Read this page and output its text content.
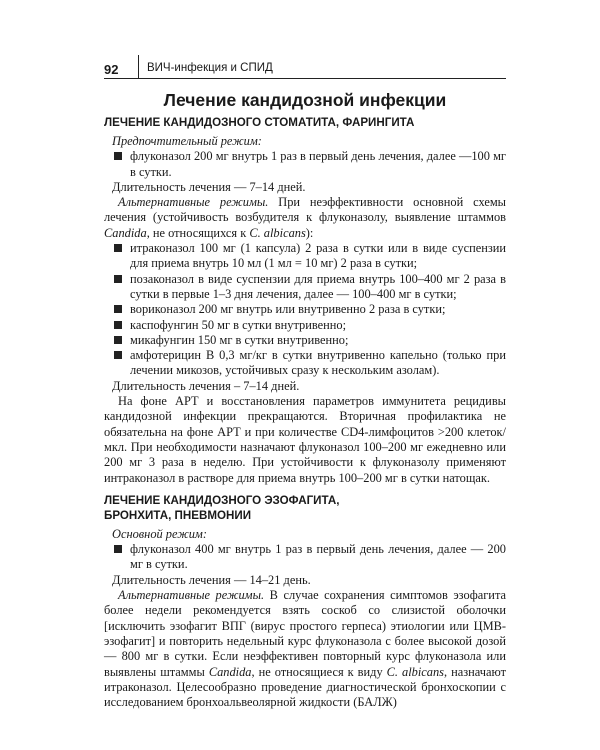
92 ВИЧ-инфекция и СПИД
Лечение кандидозной инфекции
ЛЕЧЕНИЕ КАНДИДОЗНОГО СТОМАТИТА, ФАРИНГИТА

Предпочтительный режим:

флуконазол 200 мг внутрь 1 раз в первый день лечения, далее —100 мг в сутки.

Длительность лечения — 7–14 дней.

Альтернативные режимы. При неэффективности основной схемы лечения (устойчивость возбудителя к флуконазолу, выявление штаммов Candida, не относящихся к C. albicans):

итраконазол 100 мг (1 капсула) 2 раза в сутки или в виде суспензии для приема внутрь 10 мл (1 мл = 10 мг) 2 раза в сутки;
позаконазол в виде суспензии для приема внутрь 100–400 мг 2 раза в сутки в первые 1–3 дня лечения, далее — 100–400 мг в сутки;
вориконазол 200 мг внутрь или внутривенно 2 раза в сутки;
каспофунгин 50 мг в сутки внутривенно;
микафунгин 150 мг в сутки внутривенно;
амфотерицин В 0,3 мг/кг в сутки внутривенно капельно (только при лечении микозов, устойчивых сразу к нескольким азолам).

Длительность лечения – 7–14 дней.

На фоне АРТ и восстановления параметров иммунитета рецидивы кандидозной инфекции прекращаются. Вторичная профилактика не обязательна на фоне АРТ и при количестве CD4-лимфоцитов >200 клеток/мкл. При необходимости назначают флуконазол 100–200 мг ежедневно или 200 мг 3 раза в неделю. При устойчивости к флуконазолу применяют интраконазол в растворе для приема внутрь 100–200 мг в сутки натощак.

ЛЕЧЕНИЕ КАНДИДОЗНОГО ЭЗОФАГИТА,
БРОНХИТА, ПНЕВМОНИИ

Основной режим:

флуконазол 400 мг внутрь 1 раз в первый день лечения, далее — 200 мг в сутки.

Длительность лечения — 14–21 день.

Альтернативные режимы. В случае сохранения симптомов эзофагита более недели рекомендуется взять соскоб со слизистой оболочки [исключить эзофагит ВПГ (вирус простого герпеса) этиологии или ЦМВ-эзофагит] и повторить недельный курс флуконазола с более высокой дозой — 800 мг в сутки. Если неэффективен повторный курс флуконазола или выявлены штаммы Candida, не относящиеся к виду C. albicans, назначают итраконазол. Целесообразно проведение диагностической бронхоскопии с исследованием бронхоальвеолярной жидкости (БАЛЖ)
